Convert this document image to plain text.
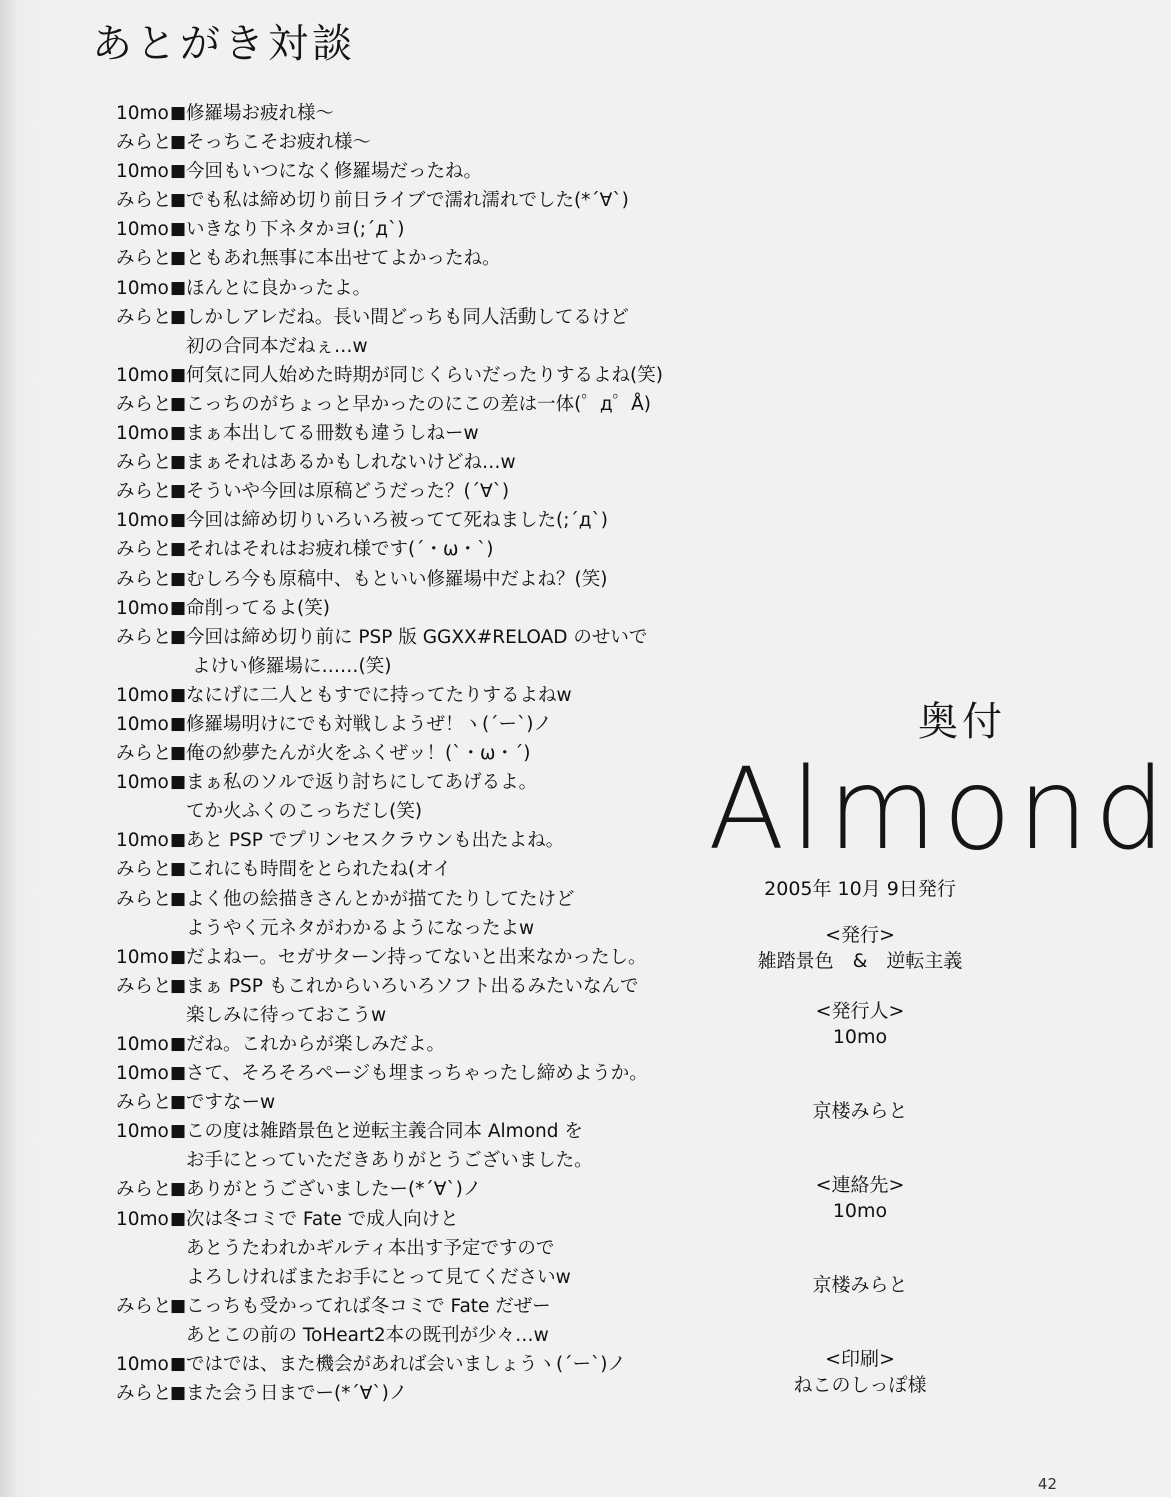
あとがき対談
10mo ■ 修羅場お疲れ様～
みらと
■ そっちこそお疲れ様～
10mo ■ 今回もいつになく修羅場だったね。
みらと
■ でも私は締め切り前日ライブで濡れ濡れでした(*´∀`)
10mo ■ いきなり下ネタかヨ(;´д`)
みらと
■ ともあれ無事に本出せてよかったね。
10mo ■ ほんとに良かったよ。
みらと
■ しかしアレだね。長い間どっちも同人活動してるけど
初の合同本だねぇ…w
10mo ■ 何気に同人始めた時期が同じくらいだったりするよね(笑)
みらと
■ こっちのがちょっと早かったのにこの差は一体(゜д゜Å)
10mo ■ まぁ本出してる冊数も違うしねーw
みらと
■ まぁそれはあるかもしれないけどね…w
みらと
■ そういや今回は原稿どうだった？(´∀`)
10mo ■ 今回は締め切りいろいろ被ってて死ねました(;´д`)
みらと
■ それはそれはお疲れ様です(´・ω・`)
みらと
■ むしろ今も原稿中、もといい修羅場中だよね？(笑)
10mo ■ 命削ってるよ(笑)
みらと
■ 今回は締め切り前に PSP 版 GGXX#RELOAD のせいで
よけい修羅場に……(笑)
10mo ■ なにげに二人ともすでに持ってたりするよねw
10mo ■ 修羅場明けにでも対戦しようぜ！ヽ(´ー`)ノ
みらと
■ 俺の紗夢たんが火をふくぜッ！(`・ω・´)
10mo ■ まぁ私のソルで返り討ちにしてあげるよ。
てか火ふくのこっちだし(笑)
10mo ■ あと PSP でプリンセスクラウンも出たよね。
みらと
■ これにも時間をとられたね(オイ
みらと
■ よく他の絵描きさんとかが描てたりしてたけど
ようやく元ネタがわかるようになったよw
10mo ■ だよねー。セガサターン持ってないと出来なかったし。
みらと
■ まぁ PSP もこれからいろいろソフト出るみたいなんで
楽しみに待っておこうw
10mo ■ だね。これからが楽しみだよ。
10mo ■ さて、そろそろページも埋まっちゃったし締めようか。
みらと
■ ですなーw
10mo ■ この度は雑踏景色と逆転主義合同本 Almond を
お手にとっていただきありがとうございました。
みらと
■ ありがとうございましたー(*´∀`)ノ
10mo ■ 次は冬コミで Fate で成人向けと
あとうたわれかギルティ本出す予定ですので
よろしければまたお手にとって見てくださいw
みらと
■ こっちも受かってれば冬コミで Fate だぜー
あとこの前の ToHeart2本の既刊が少々…w
10mo ■ ではでは、また機会があれば会いましょうヽ(´ー`)ノ
みらと
■ また会う日までー(*´∀`)ノ
奥付
Almond
2005年 10月 9日発行
<発行>
雑踏景色　&　逆転主義
<発行人>
10mo
京楼みらと
<連絡先>
10mo
京楼みらと
<印刷>
ねこのしっぽ様
42
